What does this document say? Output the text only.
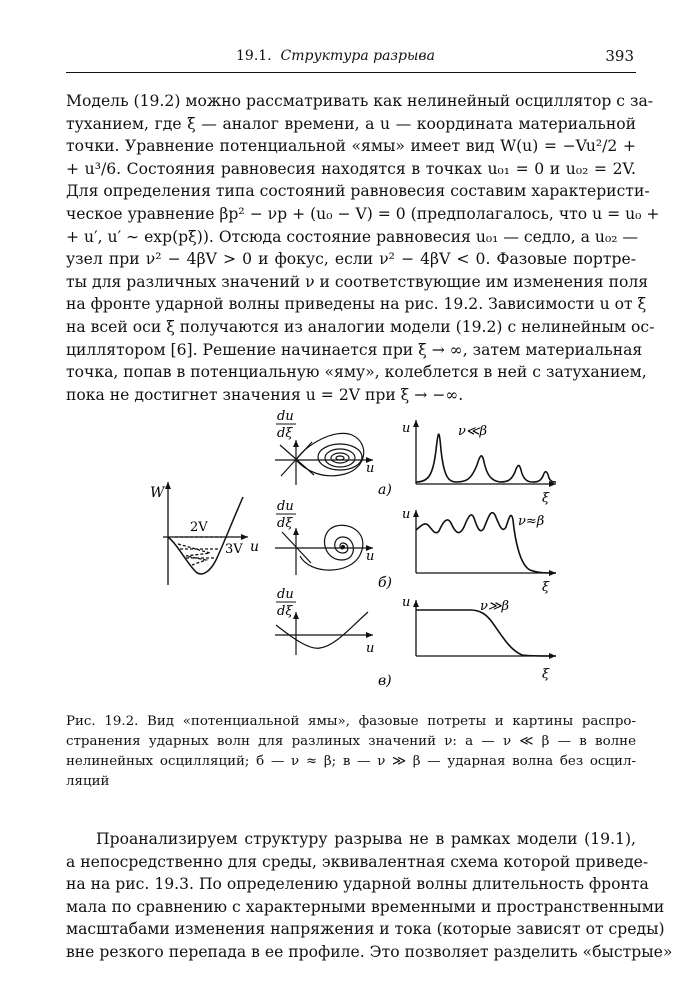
19.1. Структура разрыва	393
Модель (19.2) можно рассматривать как нелинейный осциллятор с за-
туханием, где ξ — аналог времени, а u — координата материальной
точки. Уравнение потенциальной «ямы» имеет вид W(u) = −Vu²/2 +
+ u³/6. Состояния равновесия находятся в точках u₀₁ = 0 и u₀₂ = 2V.
Для определения типа состояний равновесия составим характеристи-
ческое уравнение βp² − νp + (u₀ − V) = 0 (предполагалось, что u = u₀ +
+ u′, u′ ∼ exp(pξ)). Отсюда состояние равновесия u₀₁ — седло, а u₀₂ —
узел при ν² − 4βV > 0 и фокус, если ν² − 4βV < 0. Фазовые портре-
ты для различных значений ν и соответствующие им изменения поля
на фронте ударной волны приведены на рис. 19.2. Зависимости u от ξ
на всей оси ξ получаются из аналогии модели (19.2) с нелинейным ос-
циллятором [6]. Решение начинается при ξ → ∞, затем материальная
точка, попав в потенциальную «яму», колеблется в ней с затуханием,
пока не достигнет значения u = 2V при ξ → −∞.
W
u
2V
3V
du
dξ
u
а)
du
dξ
u
б)
du
dξ
u
в)
u	ν≪β
ξ
u	ν≈β
ξ
u	ν≫β
ξ
Рис. 19.2. Вид «потенциальной ямы», фазовые потреты и картины распро-
странения ударных волн для разлиных значений ν: а — ν ≪ β — в волне
нелинейных осцилляций; б — ν ≈ β; в — ν ≫ β — ударная волна без осцил-
ляций
Проанализируем структуру разрыва не в рамках модели (19.1),
а непосредственно для среды, эквивалентная схема которой приведе-
на на рис. 19.3. По определению ударной волны длительность фронта
мала по сравнению с характерными временными и пространственными
масштабами изменения напряжения и тока (которые зависят от среды)
вне резкого перепада в ее профиле. Это позволяет разделить «быстрые»
